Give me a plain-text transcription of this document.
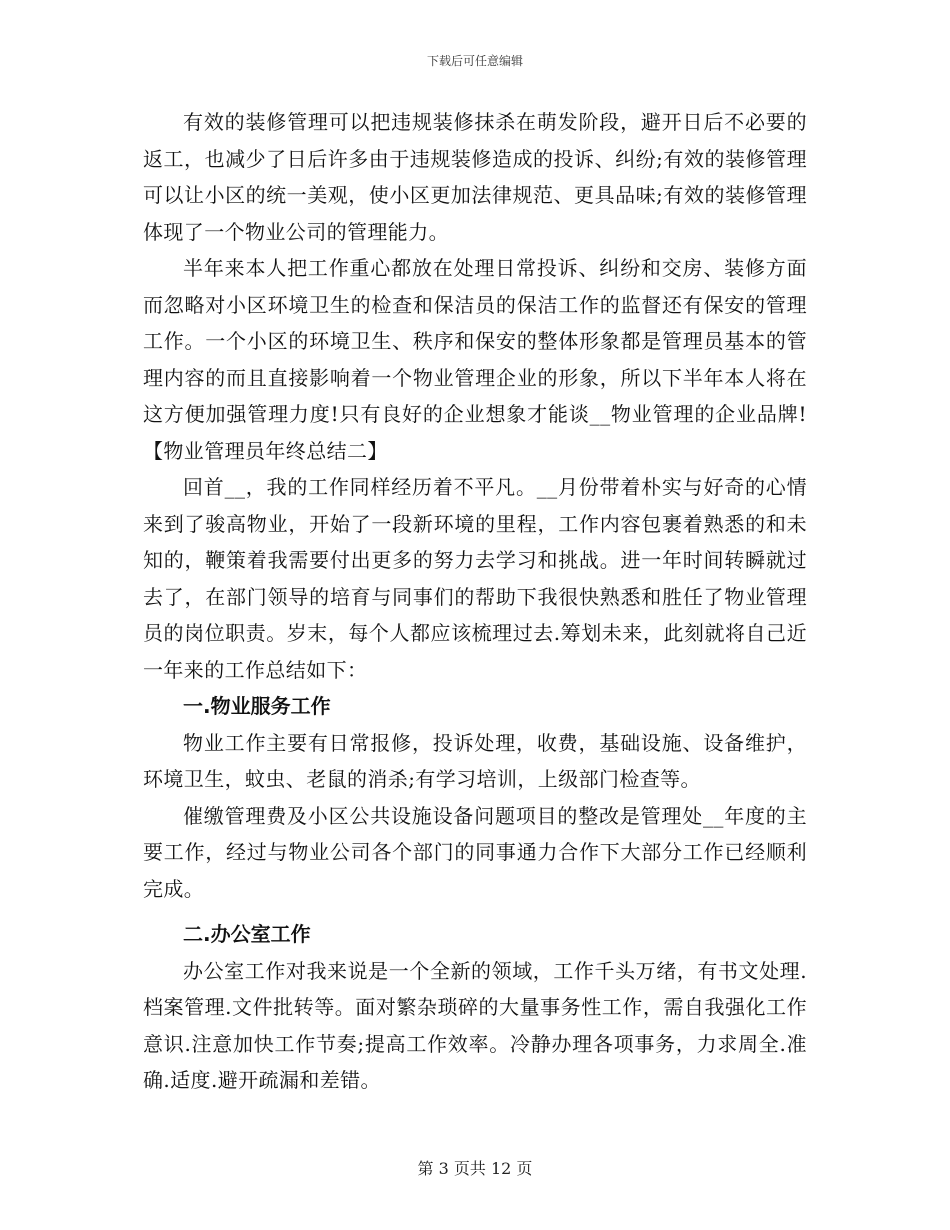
下载后可任意编辑

有效的装修管理可以把违规装修抹杀在萌发阶段，避开日后不必要的返工，也减少了日后许多由于违规装修造成的投诉、纠纷;有效的装修管理可以让小区的统一美观，使小区更加法律规范、更具品味;有效的装修管理体现了一个物业公司的管理能力。

半年来本人把工作重心都放在处理日常投诉、纠纷和交房、装修方面而忽略对小区环境卫生的检查和保洁员的保洁工作的监督还有保安的管理工作。一个小区的环境卫生、秩序和保安的整体形象都是管理员基本的管理内容的而且直接影响着一个物业管理企业的形象，所以下半年本人将在这方便加强管理力度!只有良好的企业想象才能谈__物业管理的企业品牌!【物业管理员年终总结二】

回首__，我的工作同样经历着不平凡。__月份带着朴实与好奇的心情来到了骏高物业，开始了一段新环境的里程，工作内容包裹着熟悉的和未知的，鞭策着我需要付出更多的努力去学习和挑战。进一年时间转瞬就过去了，在部门领导的培育与同事们的帮助下我很快熟悉和胜任了物业管理员的岗位职责。岁末，每个人都应该梳理过去.筹划未来，此刻就将自己近一年来的工作总结如下：

一.物业服务工作

物业工作主要有日常报修，投诉处理，收费，基础设施、设备维护，环境卫生，蚊虫、老鼠的消杀;有学习培训，上级部门检查等。

催缴管理费及小区公共设施设备问题项目的整改是管理处__年度的主要工作，经过与物业公司各个部门的同事通力合作下大部分工作已经顺利完成。

二.办公室工作

办公室工作对我来说是一个全新的领域，工作千头万绪，有书文处理.档案管理.文件批转等。面对繁杂琐碎的大量事务性工作，需自我强化工作意识.注意加快工作节奏;提高工作效率。冷静办理各项事务，力求周全.准确.适度.避开疏漏和差错。

第 3 页共 12 页
